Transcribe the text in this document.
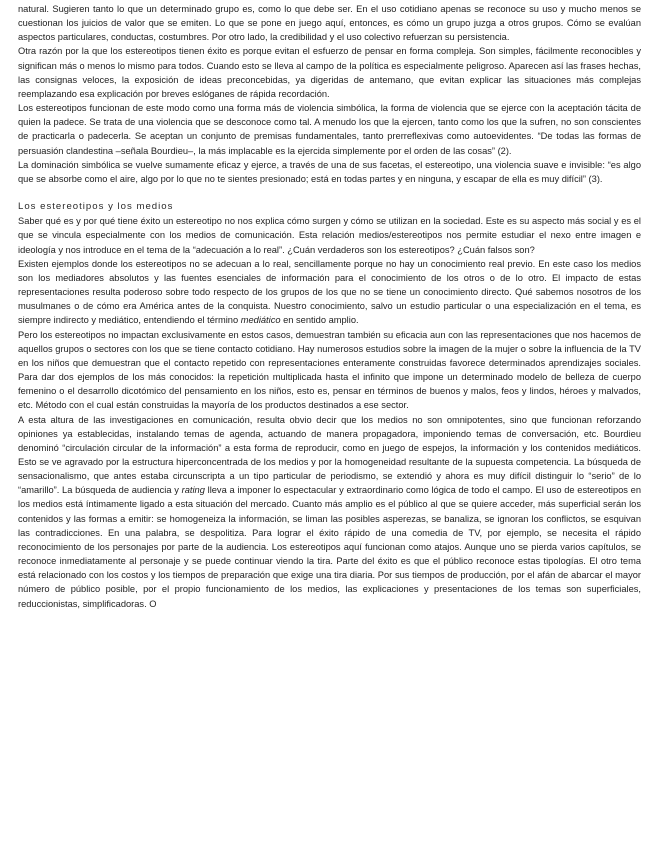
natural. Sugieren tanto lo que un determinado grupo es, como lo que debe ser. En el uso cotidiano apenas se reconoce su uso y mucho menos se cuestionan los juicios de valor que se emiten. Lo que se pone en juego aquí, entonces, es cómo un grupo juzga a otros grupos. Cómo se evalúan aspectos particulares, conductas, costumbres. Por otro lado, la credibilidad y el uso colectivo refuerzan su persistencia.

Otra razón por la que los estereotipos tienen éxito es porque evitan el esfuerzo de pensar en forma compleja. Son simples, fácilmente reconocibles y significan más o menos lo mismo para todos. Cuando esto se lleva al campo de la política es especialmente peligroso. Aparecen así las frases hechas, las consignas veloces, la exposición de ideas preconcebidas, ya digeridas de antemano, que evitan explicar las situaciones más complejas reemplazando esa explicación por breves eslóganes de rápida recordación.

Los estereotipos funcionan de este modo como una forma más de violencia simbólica, la forma de violencia que se ejerce con la aceptación tácita de quien la padece. Se trata de una violencia que se desconoce como tal. A menudo los que la ejercen, tanto como los que la sufren, no son conscientes de practicarla o padecerla. Se aceptan un conjunto de premisas fundamentales, tanto prerreflexivas como autoevidentes. “De todas las formas de persuasión clandestina –señala Bourdieu–, la más implacable es la ejercida simplemente por el orden de las cosas” (2).

La dominación simbólica se vuelve sumamente eficaz y ejerce, a través de una de sus facetas, el estereotipo, una violencia suave e invisible: “es algo que se absorbe como el aire, algo por lo que no te sientes presionado; está en todas partes y en ninguna, y escapar de ella es muy difícil” (3).

Los estereotipos y los medios

Saber qué es y por qué tiene éxito un estereotipo no nos explica cómo surgen y cómo se utilizan en la sociedad. Este es su aspecto más social y es el que se vincula especialmente con los medios de comunicación. Esta relación medios/estereotipos nos permite estudiar el nexo entre imagen e ideología y nos introduce en el tema de la “adecuación a lo real”. ¿Cuán verdaderos son los estereotipos? ¿Cuán falsos son?

Existen ejemplos donde los estereotipos no se adecuan a lo real, sencillamente porque no hay un conocimiento real previo. En este caso los medios son los mediadores absolutos y las fuentes esenciales de información para el conocimiento de los otros o de lo otro. El impacto de estas representaciones resulta poderoso sobre todo respecto de los grupos de los que no se tiene un conocimiento directo. Qué sabemos nosotros de los musulmanes o de cómo era América antes de la conquista. Nuestro conocimiento, salvo un estudio particular o una especialización en el tema, es siempre indirecto y mediático, entendiendo el término mediático en sentido amplio.

Pero los estereotipos no impactan exclusivamente en estos casos, demuestran también su eficacia aun con las representaciones que nos hacemos de aquellos grupos o sectores con los que se tiene contacto cotidiano. Hay numerosos estudios sobre la imagen de la mujer o sobre la influencia de la TV en los niños que demuestran que el contacto repetido con representaciones enteramente construidas favorece determinados aprendizajes sociales. Para dar dos ejemplos de los más conocidos: la repetición multiplicada hasta el infinito que impone un determinado modelo de belleza de cuerpo femenino o el desarrollo dicotómico del pensamiento en los niños, esto es, pensar en términos de buenos y malos, feos y lindos, héroes y malvados, etc. Método con el cual están construidas la mayoría de los productos destinados a ese sector.

A esta altura de las investigaciones en comunicación, resulta obvio decir que los medios no son omnipotentes, sino que funcionan reforzando opiniones ya establecidas, instalando temas de agenda, actuando de manera propagadora, imponiendo temas de conversación, etc. Bourdieu denominó “circulación circular de la información” a esta forma de reproducir, como en juego de espejos, la información y los contenidos mediáticos. Esto se ve agravado por la estructura hiperconcentrada de los medios y por la homogeneidad resultante de la supuesta competencia. La búsqueda de sensacionalismo, que antes estaba circunscripta a un tipo particular de periodismo, se extendió y ahora es muy difícil distinguir lo “serio” de lo “amarillo”. La búsqueda de audiencia y rating lleva a imponer lo espectacular y extraordinario como lógica de todo el campo. El uso de estereotipos en los medios está íntimamente ligado a esta situación del mercado. Cuanto más amplio es el público al que se quiere acceder, más superficial serán los contenidos y las formas a emitir: se homogeneiza la información, se liman las posibles asperezas, se banaliza, se ignoran los conflictos, se esquivan las contradicciones. En una palabra, se despolitiza. Para lograr el éxito rápido de una comedia de TV, por ejemplo, se necesita el rápido reconocimiento de los personajes por parte de la audiencia. Los estereotipos aquí funcionan como atajos. Aunque uno se pierda varios capítulos, se reconoce inmediatamente al personaje y se puede continuar viendo la tira. Parte del éxito es que el público reconoce estas tipologías. El otro tema está relacionado con los costos y los tiempos de preparación que exige una tira diaria. Por sus tiempos de producción, por el afán de abarcar el mayor número de público posible, por el propio funcionamiento de los medios, las explicaciones y presentaciones de los temas son superficiales, reduccionistas, simplificadoras. O
